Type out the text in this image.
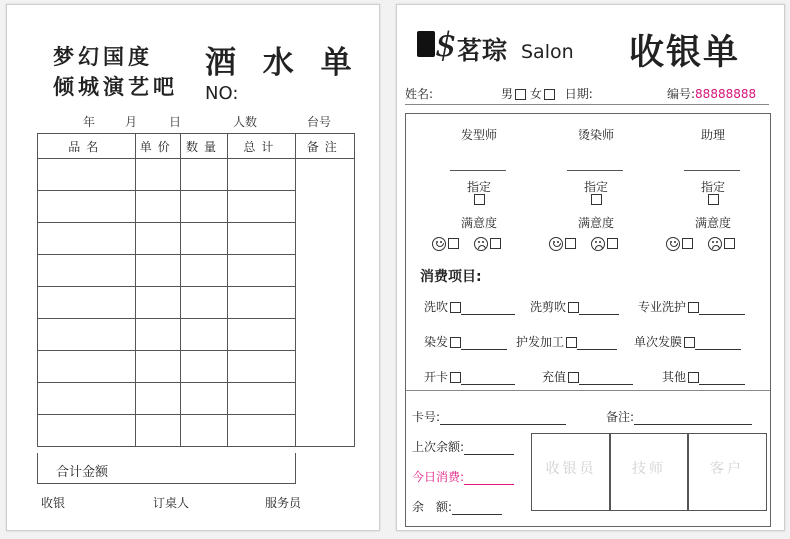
梦幻国度
倾城演艺吧
酒 水 单
NO:
年 月	日	人数	台号
品名	单价	数量	总计	备注

合计金额
收银	订桌人	服务员
$ 茗琮 Salon 收银单
姓名:	男 女 日期:	编号:88888888
发型师	烫染师	助理
指定	指定	指定
满意度	满意度	满意度

消费项目:
洗吹	洗剪吹	专业洗护
染发	护发加工	单次发膜
开卡	充值	其他
卡号:	备注:
上次余额:
今日消费:
余　额:
收银员	技师	客户
